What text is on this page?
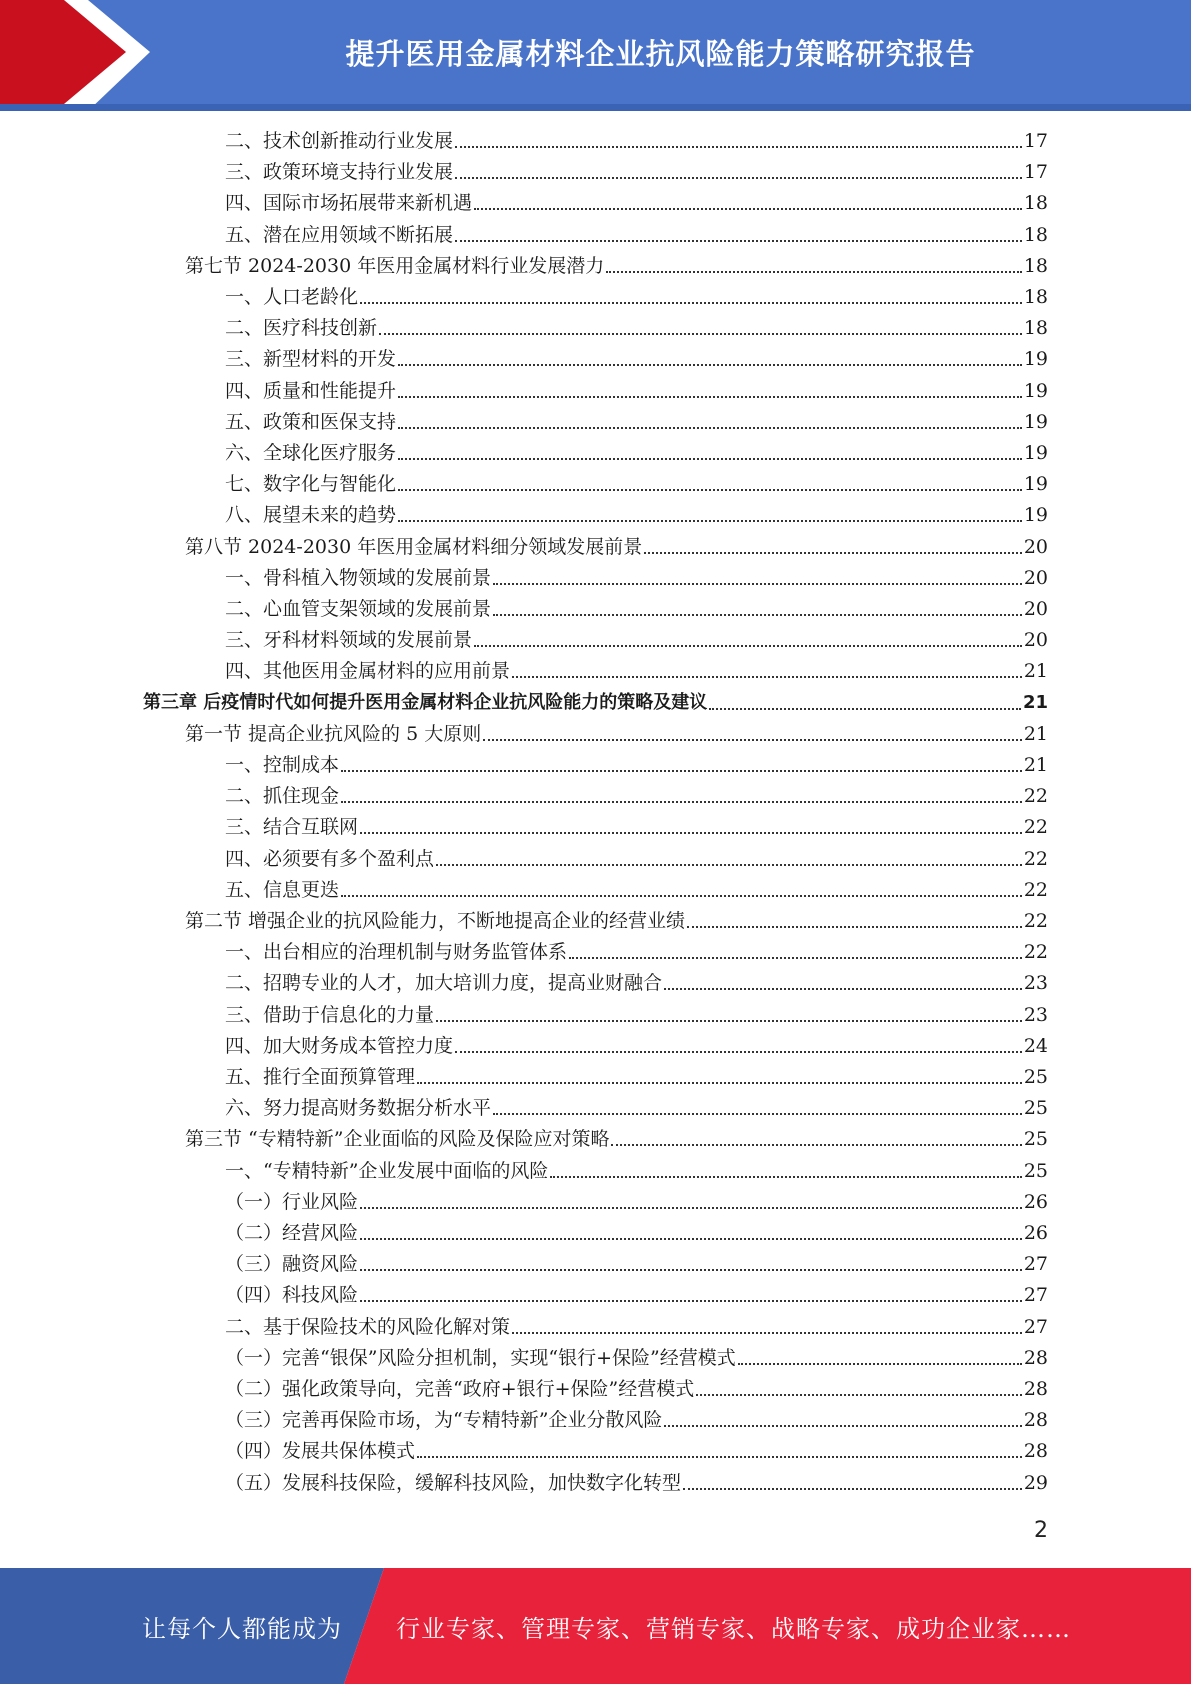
提升医用金属材料企业抗风险能力策略研究报告
二、技术创新推动行业发展	17
三、政策环境支持行业发展	17
四、国际市场拓展带来新机遇	18
五、潜在应用领域不断拓展	18
第七节 2024-2030 年医用金属材料行业发展潜力	18
一、人口老龄化	18
二、医疗科技创新	18
三、新型材料的开发	19
四、质量和性能提升	19
五、政策和医保支持	19
六、全球化医疗服务	19
七、数字化与智能化	19
八、展望未来的趋势	19
第八节 2024-2030 年医用金属材料细分领域发展前景	20
一、骨科植入物领域的发展前景	20
二、心血管支架领域的发展前景	20
三、牙科材料领域的发展前景	20
四、其他医用金属材料的应用前景	21
第三章 后疫情时代如何提升医用金属材料企业抗风险能力的策略及建议	21
第一节 提高企业抗风险的 5 大原则	21
一、控制成本	21
二、抓住现金	22
三、结合互联网	22
四、必须要有多个盈利点	22
五、信息更迭	22
第二节 增强企业的抗风险能力，不断地提高企业的经营业绩	22
一、出台相应的治理机制与财务监管体系	22
二、招聘专业的人才，加大培训力度，提高业财融合	23
三、借助于信息化的力量	23
四、加大财务成本管控力度	24
五、推行全面预算管理	25
六、努力提高财务数据分析水平	25
第三节 “专精特新”企业面临的风险及保险应对策略	25
一、“专精特新”企业发展中面临的风险	25
（一）行业风险	26
（二）经营风险	26
（三）融资风险	27
（四）科技风险	27
二、基于保险技术的风险化解对策	27
（一）完善“银保”风险分担机制，实现“银行+保险”经营模式	28
（二）强化政策导向，完善“政府+银行+保险”经营模式	28
（三）完善再保险市场，为“专精特新”企业分散风险	28
（四）发展共保体模式	28
（五）发展科技保险，缓解科技风险，加快数字化转型	29
2
让每个人都能成为 行业专家、管理专家、营销专家、战略专家、成功企业家……
